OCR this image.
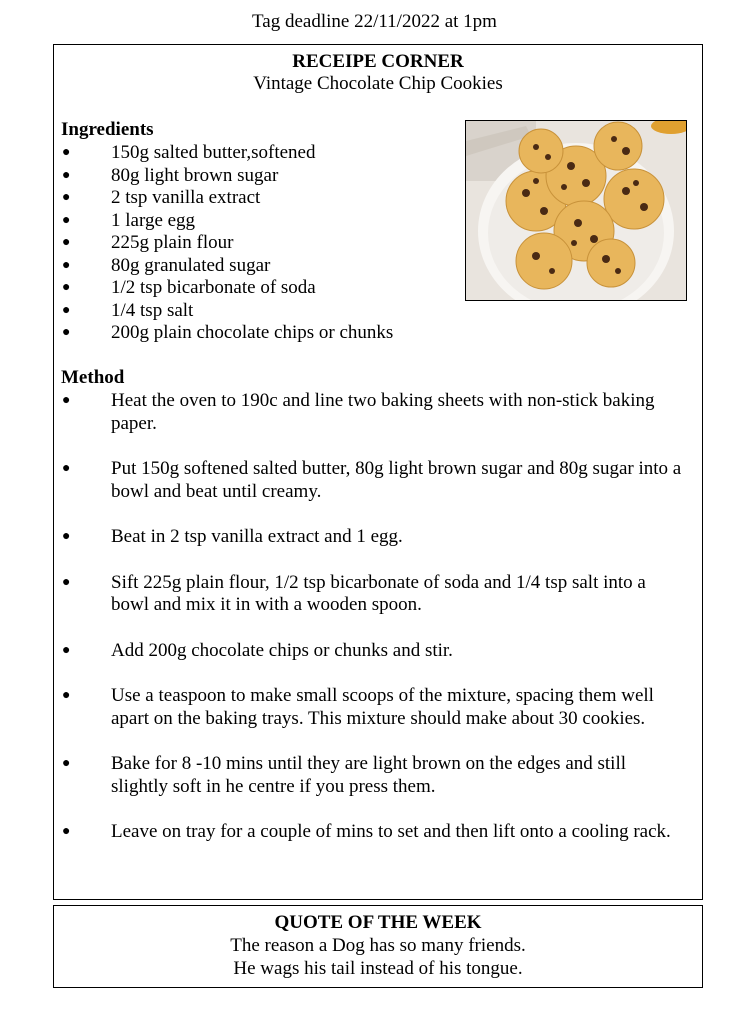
Tag deadline 22/11/2022 at 1pm
RECEIPE CORNER
Vintage Chocolate Chip Cookies
Ingredients
● 150g salted butter,softened
● 80g light brown sugar
● 2 tsp vanilla extract
● 1 large egg
● 225g plain flour
● 80g granulated sugar
● 1/2 tsp bicarbonate of soda
● 1/4 tsp salt
● 200g plain chocolate chips or chunks
Method
● Heat the oven to 190c and line two baking sheets with non-stick baking paper.
● Put 150g softened salted butter, 80g light brown sugar and 80g sugar into a bowl and beat until creamy.
● Beat in 2 tsp vanilla extract and 1 egg.
● Sift 225g plain flour, 1/2 tsp bicarbonate of soda and 1/4 tsp salt into a bowl and mix it in with a wooden spoon.
● Add 200g chocolate chips or chunks and stir.
● Use a teaspoon to make small scoops of the mixture, spacing them well apart on the baking trays. This mixture should make about 30 cookies.
● Bake for 8 -10 mins until they are light brown on the edges and still slightly soft in he centre if you press them.
● Leave on tray for a couple of mins to set and then lift onto a cooling rack.
QUOTE OF THE WEEK
The reason a Dog has so many friends.
He wags his tail instead of his tongue.
